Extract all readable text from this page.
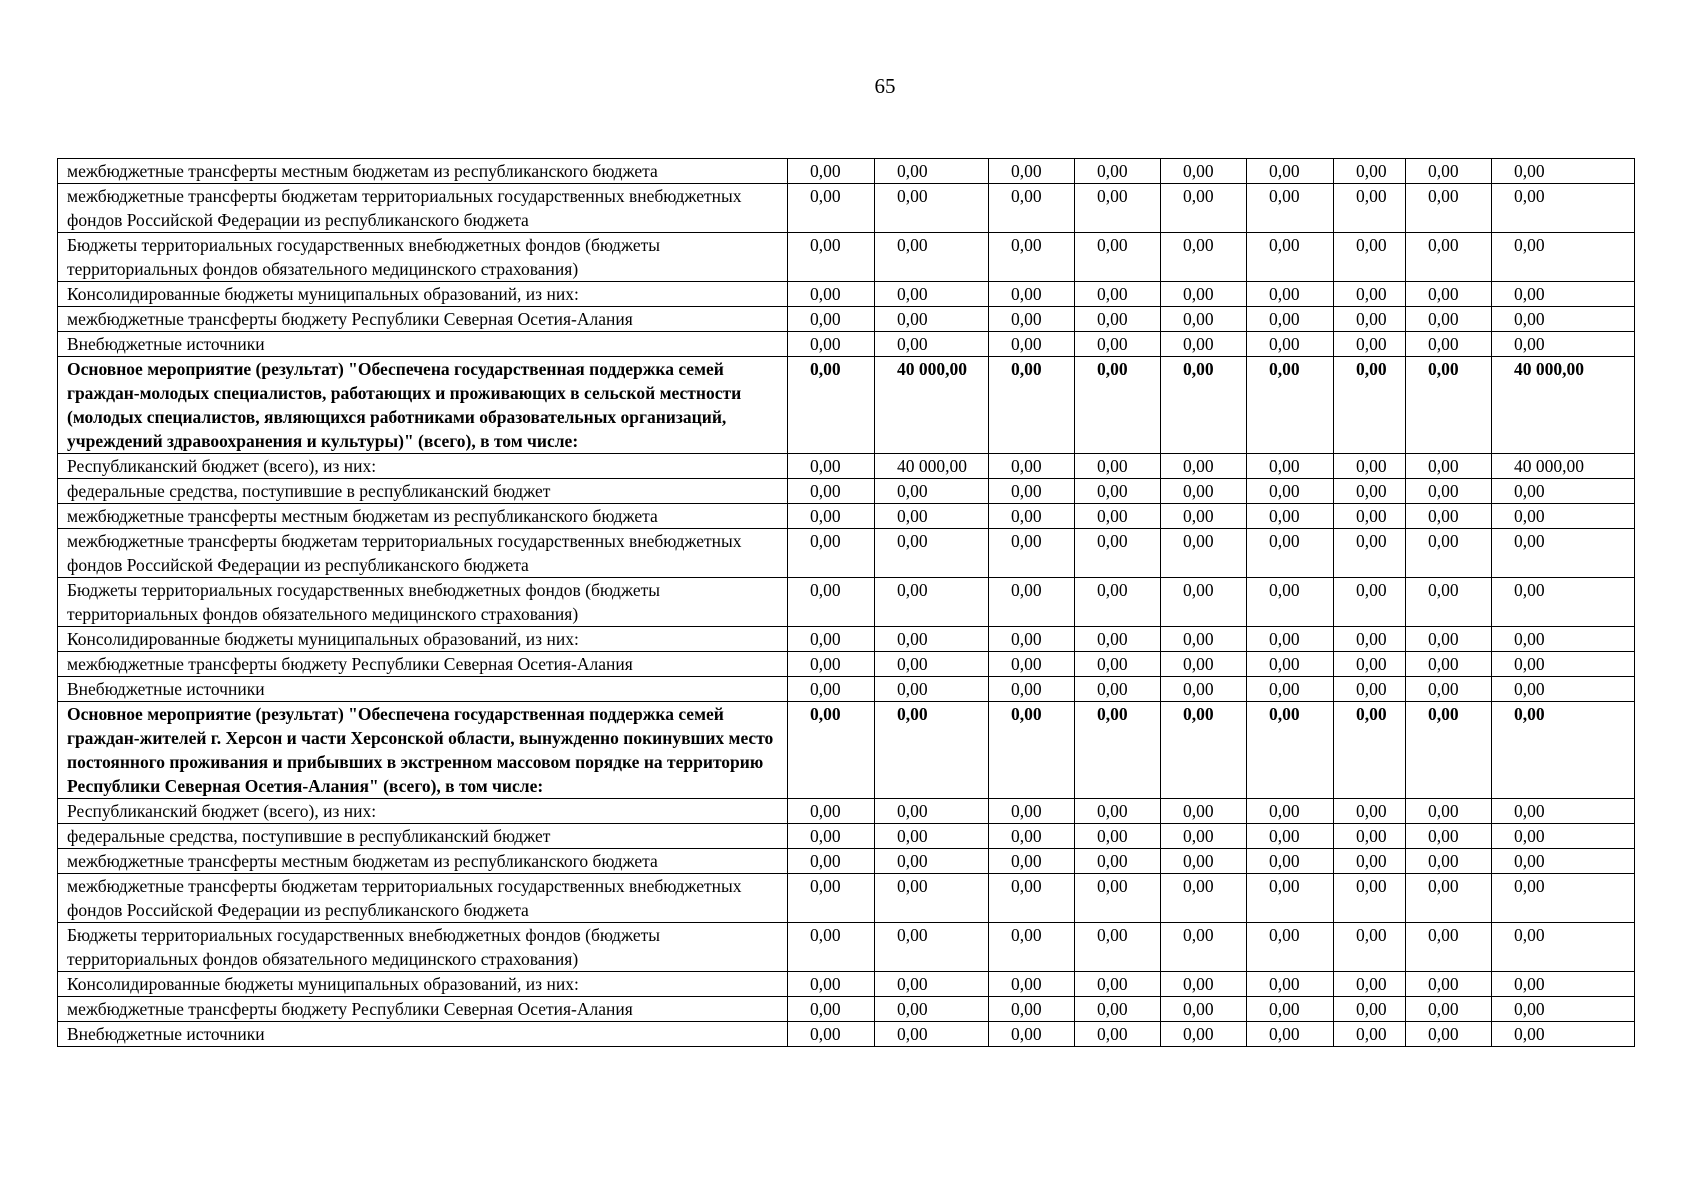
65
межбюджетные трансферты местным бюджетам из республиканского бюджета	0,00	0,00	0,00	0,00	0,00	0,00	0,00	0,00	0,00
межбюджетные трансферты бюджетам территориальных государственных внебюджетных фондов Российской Федерации из республиканского бюджета	0,00	0,00	0,00	0,00	0,00	0,00	0,00	0,00	0,00
Бюджеты территориальных государственных внебюджетных фондов (бюджеты территориальных фондов обязательного медицинского страхования)	0,00	0,00	0,00	0,00	0,00	0,00	0,00	0,00	0,00
Консолидированные бюджеты муниципальных образований, из них:	0,00	0,00	0,00	0,00	0,00	0,00	0,00	0,00	0,00
межбюджетные трансферты бюджету Республики Северная Осетия-Алания	0,00	0,00	0,00	0,00	0,00	0,00	0,00	0,00	0,00
Внебюджетные источники	0,00	0,00	0,00	0,00	0,00	0,00	0,00	0,00	0,00
Основное мероприятие (результат) "Обеспечена государственная поддержка семей граждан-молодых специалистов, работающих и проживающих в сельской местности (молодых специалистов, являющихся работниками образовательных организаций, учреждений здравоохранения и культуры)" (всего), в том числе:	0,00	40 000,00	0,00	0,00	0,00	0,00	0,00	0,00	40 000,00
Республиканский бюджет (всего), из них:	0,00	40 000,00	0,00	0,00	0,00	0,00	0,00	0,00	40 000,00
федеральные средства, поступившие в республиканский бюджет	0,00	0,00	0,00	0,00	0,00	0,00	0,00	0,00	0,00
межбюджетные трансферты местным бюджетам из республиканского бюджета	0,00	0,00	0,00	0,00	0,00	0,00	0,00	0,00	0,00
межбюджетные трансферты бюджетам территориальных государственных внебюджетных фондов Российской Федерации из республиканского бюджета	0,00	0,00	0,00	0,00	0,00	0,00	0,00	0,00	0,00
Бюджеты территориальных государственных внебюджетных фондов (бюджеты территориальных фондов обязательного медицинского страхования)	0,00	0,00	0,00	0,00	0,00	0,00	0,00	0,00	0,00
Консолидированные бюджеты муниципальных образований, из них:	0,00	0,00	0,00	0,00	0,00	0,00	0,00	0,00	0,00
межбюджетные трансферты бюджету Республики Северная Осетия-Алания	0,00	0,00	0,00	0,00	0,00	0,00	0,00	0,00	0,00
Внебюджетные источники	0,00	0,00	0,00	0,00	0,00	0,00	0,00	0,00	0,00
Основное мероприятие (результат) "Обеспечена государственная поддержка семей граждан-жителей г. Херсон и части Херсонской области, вынужденно покинувших место постоянного проживания и прибывших в экстренном массовом порядке на территорию Республики Северная Осетия-Алания" (всего), в том числе:	0,00	0,00	0,00	0,00	0,00	0,00	0,00	0,00	0,00
Республиканский бюджет (всего), из них:	0,00	0,00	0,00	0,00	0,00	0,00	0,00	0,00	0,00
федеральные средства, поступившие в республиканский бюджет	0,00	0,00	0,00	0,00	0,00	0,00	0,00	0,00	0,00
межбюджетные трансферты местным бюджетам из республиканского бюджета	0,00	0,00	0,00	0,00	0,00	0,00	0,00	0,00	0,00
межбюджетные трансферты бюджетам территориальных государственных внебюджетных фондов Российской Федерации из республиканского бюджета	0,00	0,00	0,00	0,00	0,00	0,00	0,00	0,00	0,00
Бюджеты территориальных государственных внебюджетных фондов (бюджеты территориальных фондов обязательного медицинского страхования)	0,00	0,00	0,00	0,00	0,00	0,00	0,00	0,00	0,00
Консолидированные бюджеты муниципальных образований, из них:	0,00	0,00	0,00	0,00	0,00	0,00	0,00	0,00	0,00
межбюджетные трансферты бюджету Республики Северная Осетия-Алания	0,00	0,00	0,00	0,00	0,00	0,00	0,00	0,00	0,00
Внебюджетные источники	0,00	0,00	0,00	0,00	0,00	0,00	0,00	0,00	0,00
